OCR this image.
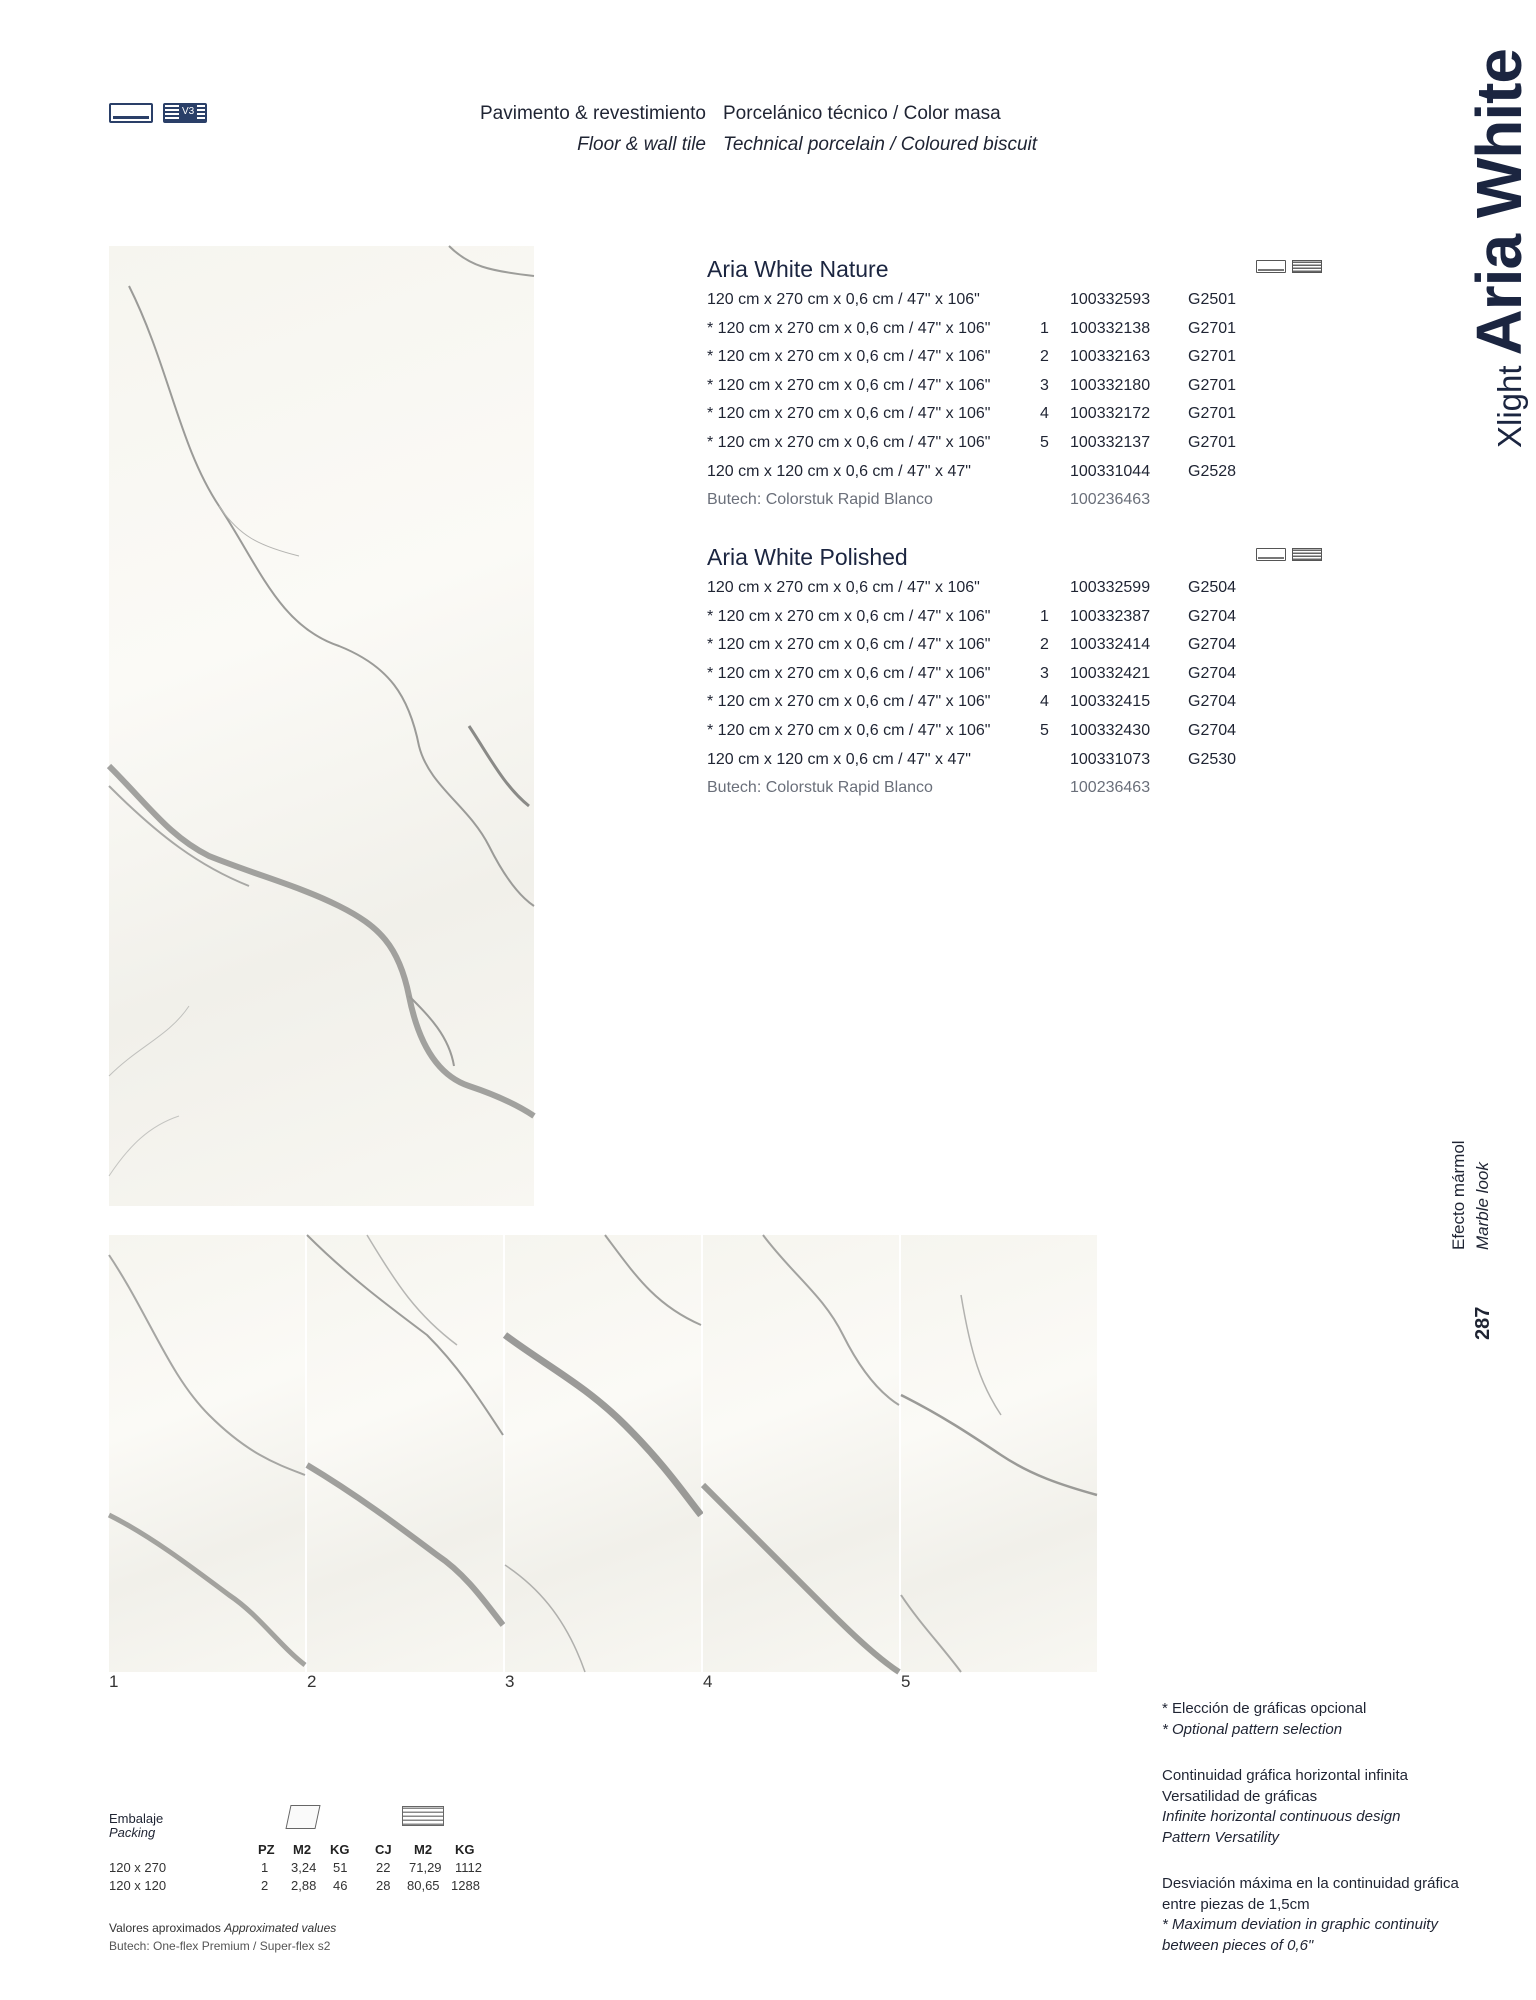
V3	Pavimento & revestimiento
Floor & wall tile
Porcelánico técnico / Color masa
Technical porcelain / Coloured biscuit
Xlight
Aria White
Efecto mármol Marble look
287
Aria White Nature
120 cm x 270 cm x 0,6 cm / 47" x 106"	100332593	G2501
* 120 cm x 270 cm x 0,6 cm / 47" x 106"	1	100332138	G2701
* 120 cm x 270 cm x 0,6 cm / 47" x 106"	2	100332163	G2701
* 120 cm x 270 cm x 0,6 cm / 47" x 106"	3	100332180	G2701
* 120 cm x 270 cm x 0,6 cm / 47" x 106"	4	100332172	G2701
* 120 cm x 270 cm x 0,6 cm / 47" x 106"	5	100332137	G2701
120 cm x 120 cm x 0,6 cm / 47" x 47"	100331044	G2528
Butech: Colorstuk Rapid Blanco	100236463
Aria White Polished
120 cm x 270 cm x 0,6 cm / 47" x 106"	100332599	G2504
* 120 cm x 270 cm x 0,6 cm / 47" x 106"	1	100332387	G2704
* 120 cm x 270 cm x 0,6 cm / 47" x 106"	2	100332414	G2704
* 120 cm x 270 cm x 0,6 cm / 47" x 106"	3	100332421	G2704
* 120 cm x 270 cm x 0,6 cm / 47" x 106"	4	100332415	G2704
* 120 cm x 270 cm x 0,6 cm / 47" x 106"	5	100332430	G2704
120 cm x 120 cm x 0,6 cm / 47" x 47"	100331073	G2530
Butech: Colorstuk Rapid Blanco	100236463
1	2	3	4	5
Embalaje
Packing
PZ M2 KG CJ M2 KG
120 x 270	1 3,24 51 22 71,29 1112
120 x 120	2 2,88 46 28 80,65 1288
Valores aproximados Approximated values
Butech: One-flex Premium / Super-flex s2
* Elección de gráficas opcional
* Optional pattern selection
Continuidad gráfica horizontal infinita
Versatilidad de gráficas
Infinite horizontal continuous design
Pattern Versatility
Desviación máxima en la continuidad gráfica entre piezas de 1,5cm
* Maximum deviation in graphic continuity between pieces of 0,6"
